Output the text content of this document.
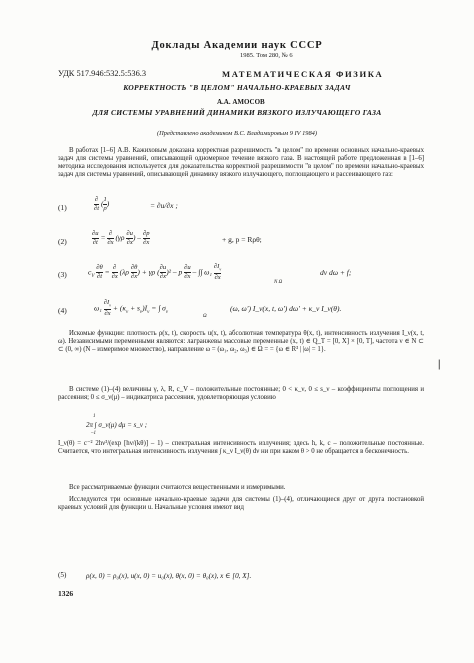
Доклады Академии наук СССР
1985. Том 280, № 6
УДК 517.946:532.5:536.3	МАТЕМАТИЧЕСКАЯ ФИЗИКА
КОРРЕКТНОСТЬ "В ЦЕЛОМ" НАЧАЛЬНО-КРАЕВЫХ ЗАДАЧ
А.А. АМОСОВ
ДЛЯ СИСТЕМЫ УРАВНЕНИЙ ДИНАМИКИ ВЯЗКОГО ИЗЛУЧАЮЩЕГО ГАЗА
(Представлено академиком В.С. Владимировым 9 IV 1984)
В работах [1–6] А.В. Кажиховым доказана корректная разрешимость "в целом" по времени основных начально-краевых задач для системы уравнений, описывающей одномерное течение вязкого газа. В настоящей работе предложенная в [1–6] методика исследования используется для доказательства корректной разрешимости "в целом" по времени начально-краевых задач для системы уравнений, описывающей динамику вязкого излучающего, поглощающего и рассеивающего газ:
(1)	$\frac{\partial}{\partial t} (\frac{1}{\rho}$ )	= ∂u/∂x ;
(2)	$\frac{\partial u}{\partial t} = \frac{\partial}{\partial x} (\gamma\rho \frac{\partial u}{\partial x}$ ) – $\frac{\partial p}{\partial x}$	+ g, p = Rρθ;
(3)	$c_V \frac{\partial\theta}{\partial t} = \frac{\partial}{\partial x} (\lambda\rho \frac{\partial\theta}{\partial x}$ ) + γρ $(\frac{\partial u}{\partial x} )^2$ – p $\frac{\partial u}{\partial x}$ – ∫∫ $\omega_1 \frac{\partial I_\nu}{\partial x}$
N Ω
dv dω + f;
(4)	$\omega_1 \frac{\partial I_\nu}{\partial x} + (\kappa_\nu + s_\nu)I_\nu$ = ∫ $\sigma_\nu$
Ω
(ω, ω′) I_ν(x, t, ω′) dω′ + κ_ν I_ν(θ).
Искомые функции: плотность ρ(x, t), скорость u(x, t), абсолютная температура θ(x, t), интенсивность излучения I_ν(x, t, ω). Независимыми переменными являются: лагранжевы массовые переменные (x, t) ∈ Q_T = [0, X] × [0, T], частота ν ∈ N ⊂ ⊂ (0, ∞) (N – измеримое множество), направление ω = (ω₁, ω₂, ω₃) ∈ Ω = = {ω ∈ R³ | |ω| = 1}.
В системе (1)–(4) величины γ, λ, R, c_V – положительные постоянные; 0 < κ_ν, 0 ≤ s_ν – коэффициенты поглощения и рассеяния; 0 ≤ σ_ν(μ) – индикатриса рассеяния, удовлетворяющая условию
2π ∫ σ_ν(μ) dμ = s_ν ;
1
–1
I_ν(θ) = c⁻² 2hν³/(exp [hν/(kθ)] – 1) – спектральная интенсивность излучения; здесь h, k, c – положительные постоянные. Считается, что интегральная интенсивность излучения ∫ κ_ν I_ν(θ) dν ни при каком θ > 0 не обращается в бесконечность.
Все рассматриваемые функции считаются вещественными и измеримыми.
Исследуются три основные начально-краевые задачи для системы (1)–(4), отличающиеся друг от друга постановкой краевых условий для функции u. Начальные условия имеют вид
(5)	ρ(x, 0) = ρ₀(x), u(x, 0) = u₀(x), θ(x, 0) = θ₀(x), x ∈ [0, X].
1326
|
